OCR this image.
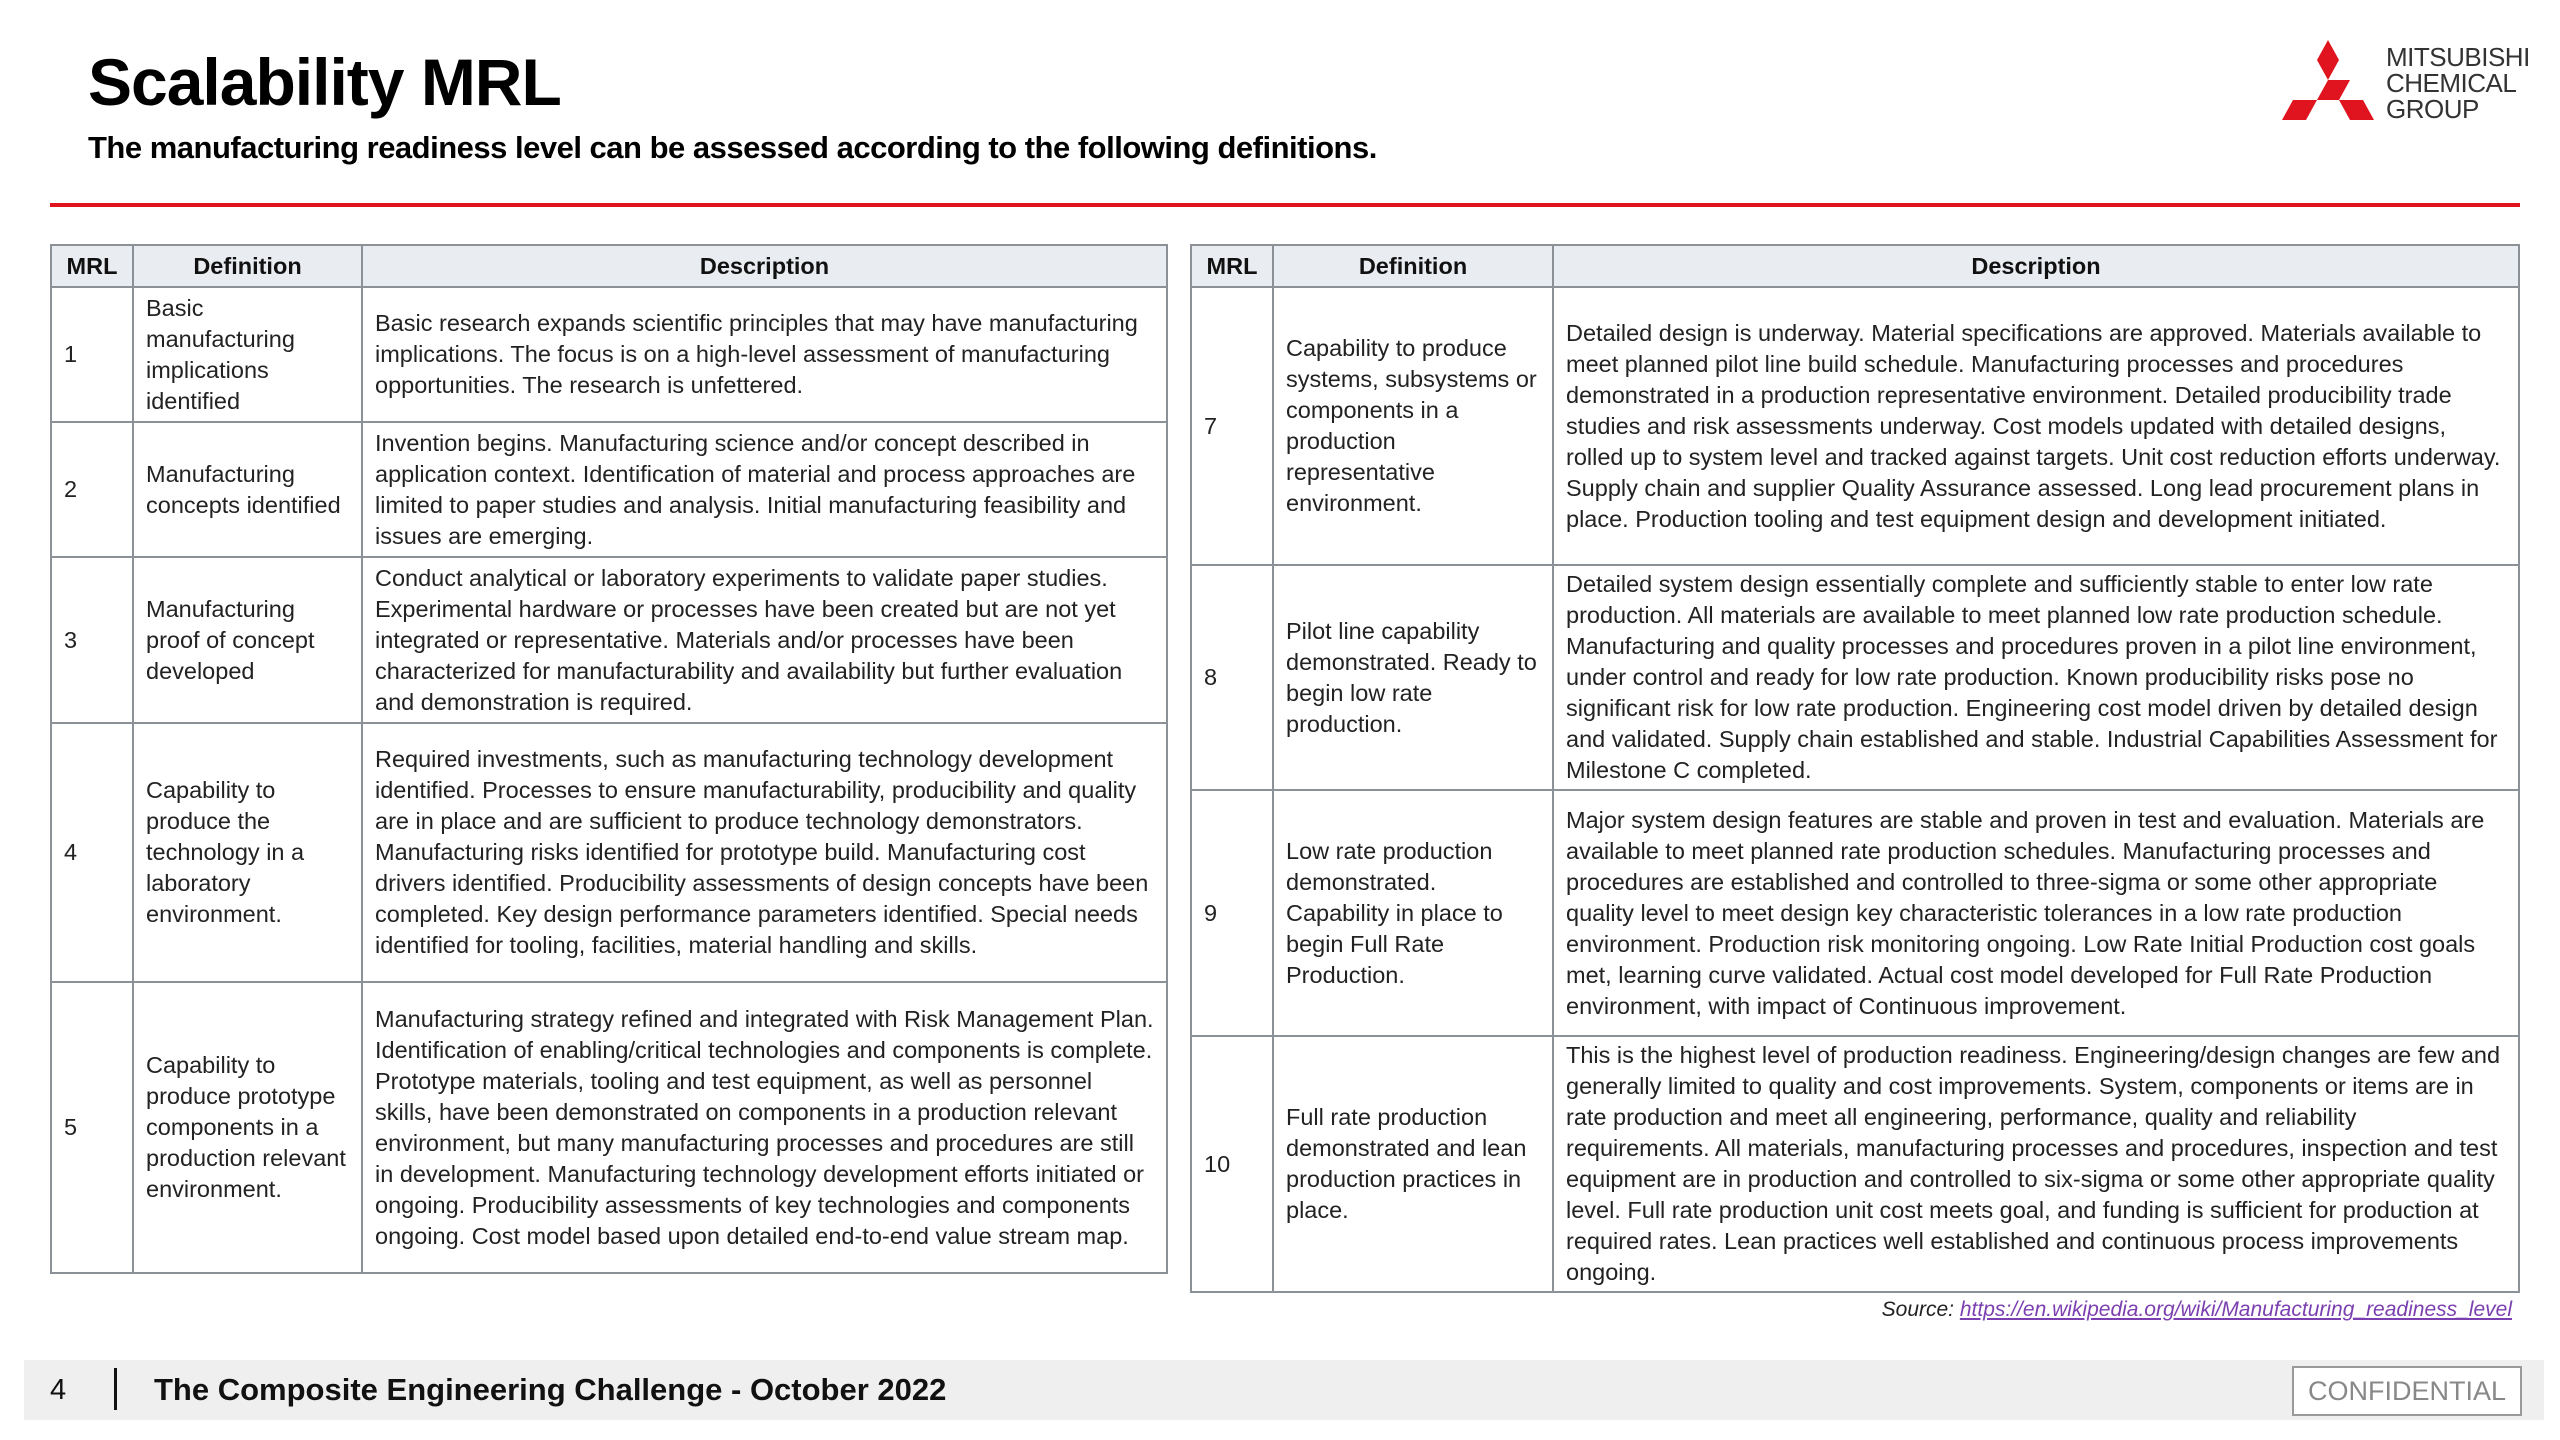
Scalability MRL

The manufacturing readiness level can be assessed according to the following definitions.

MITSUBISHI
CHEMICAL
GROUP
MRL	Definition	Description
1	Basic manufacturing implications identified	Basic research expands scientific principles that may have manufacturing implications. The focus is on a high-level assessment of manufacturing opportunities. The research is unfettered.
2	Manufacturing concepts identified	Invention begins. Manufacturing science and/or concept described in application context. Identification of material and process approaches are limited to paper studies and analysis. Initial manufacturing feasibility and issues are emerging.
3	Manufacturing proof of concept developed	Conduct analytical or laboratory experiments to validate paper studies. Experimental hardware or processes have been created but are not yet integrated or representative. Materials and/or processes have been characterized for manufacturability and availability but further evaluation and demonstration is required.
4	Capability to produce the technology in a laboratory environment.	Required investments, such as manufacturing technology development identified. Processes to ensure manufacturability, producibility and quality are in place and are sufficient to produce technology demonstrators. Manufacturing risks identified for prototype build. Manufacturing cost drivers identified. Producibility assessments of design concepts have been completed. Key design performance parameters identified. Special needs identified for tooling, facilities, material handling and skills.
5	Capability to produce prototype components in a production relevant environment.	Manufacturing strategy refined and integrated with Risk Management Plan. Identification of enabling/critical technologies and components is complete. Prototype materials, tooling and test equipment, as well as personnel skills, have been demonstrated on components in a production relevant environment, but many manufacturing processes and procedures are still in development. Manufacturing technology development efforts initiated or ongoing. Producibility assessments of key technologies and components ongoing. Cost model based upon detailed end-to-end value stream map.
MRL	Definition	Description
7	Capability to produce systems, subsystems or components in a production representative environment.	Detailed design is underway. Material specifications are approved. Materials available to meet planned pilot line build schedule. Manufacturing processes and procedures demonstrated in a production representative environment. Detailed producibility trade studies and risk assessments underway. Cost models updated with detailed designs, rolled up to system level and tracked against targets. Unit cost reduction efforts underway. Supply chain and supplier Quality Assurance assessed. Long lead procurement plans in place. Production tooling and test equipment design and development initiated.
8	Pilot line capability demonstrated. Ready to begin low rate production.	Detailed system design essentially complete and sufficiently stable to enter low rate production. All materials are available to meet planned low rate production schedule. Manufacturing and quality processes and procedures proven in a pilot line environment, under control and ready for low rate production. Known producibility risks pose no significant risk for low rate production. Engineering cost model driven by detailed design and validated. Supply chain established and stable. Industrial Capabilities Assessment for Milestone C completed.
9	Low rate production demonstrated. Capability in place to begin Full Rate Production.	Major system design features are stable and proven in test and evaluation. Materials are available to meet planned rate production schedules. Manufacturing processes and procedures are established and controlled to three-sigma or some other appropriate quality level to meet design key characteristic tolerances in a low rate production environment. Production risk monitoring ongoing. Low Rate Initial Production cost goals met, learning curve validated. Actual cost model developed for Full Rate Production environment, with impact of Continuous improvement.
10	Full rate production demonstrated and lean production practices in place.	This is the highest level of production readiness. Engineering/design changes are few and generally limited to quality and cost improvements. System, components or items are in rate production and meet all engineering, performance, quality and reliability requirements. All materials, manufacturing processes and procedures, inspection and test equipment are in production and controlled to six-sigma or some other appropriate quality level. Full rate production unit cost meets goal, and funding is sufficient for production at required rates. Lean practices well established and continuous process improvements ongoing.
Source: https://en.wikipedia.org/wiki/Manufacturing_readiness_level
4	The Composite Engineering Challenge - October 2022	CONFIDENTIAL
